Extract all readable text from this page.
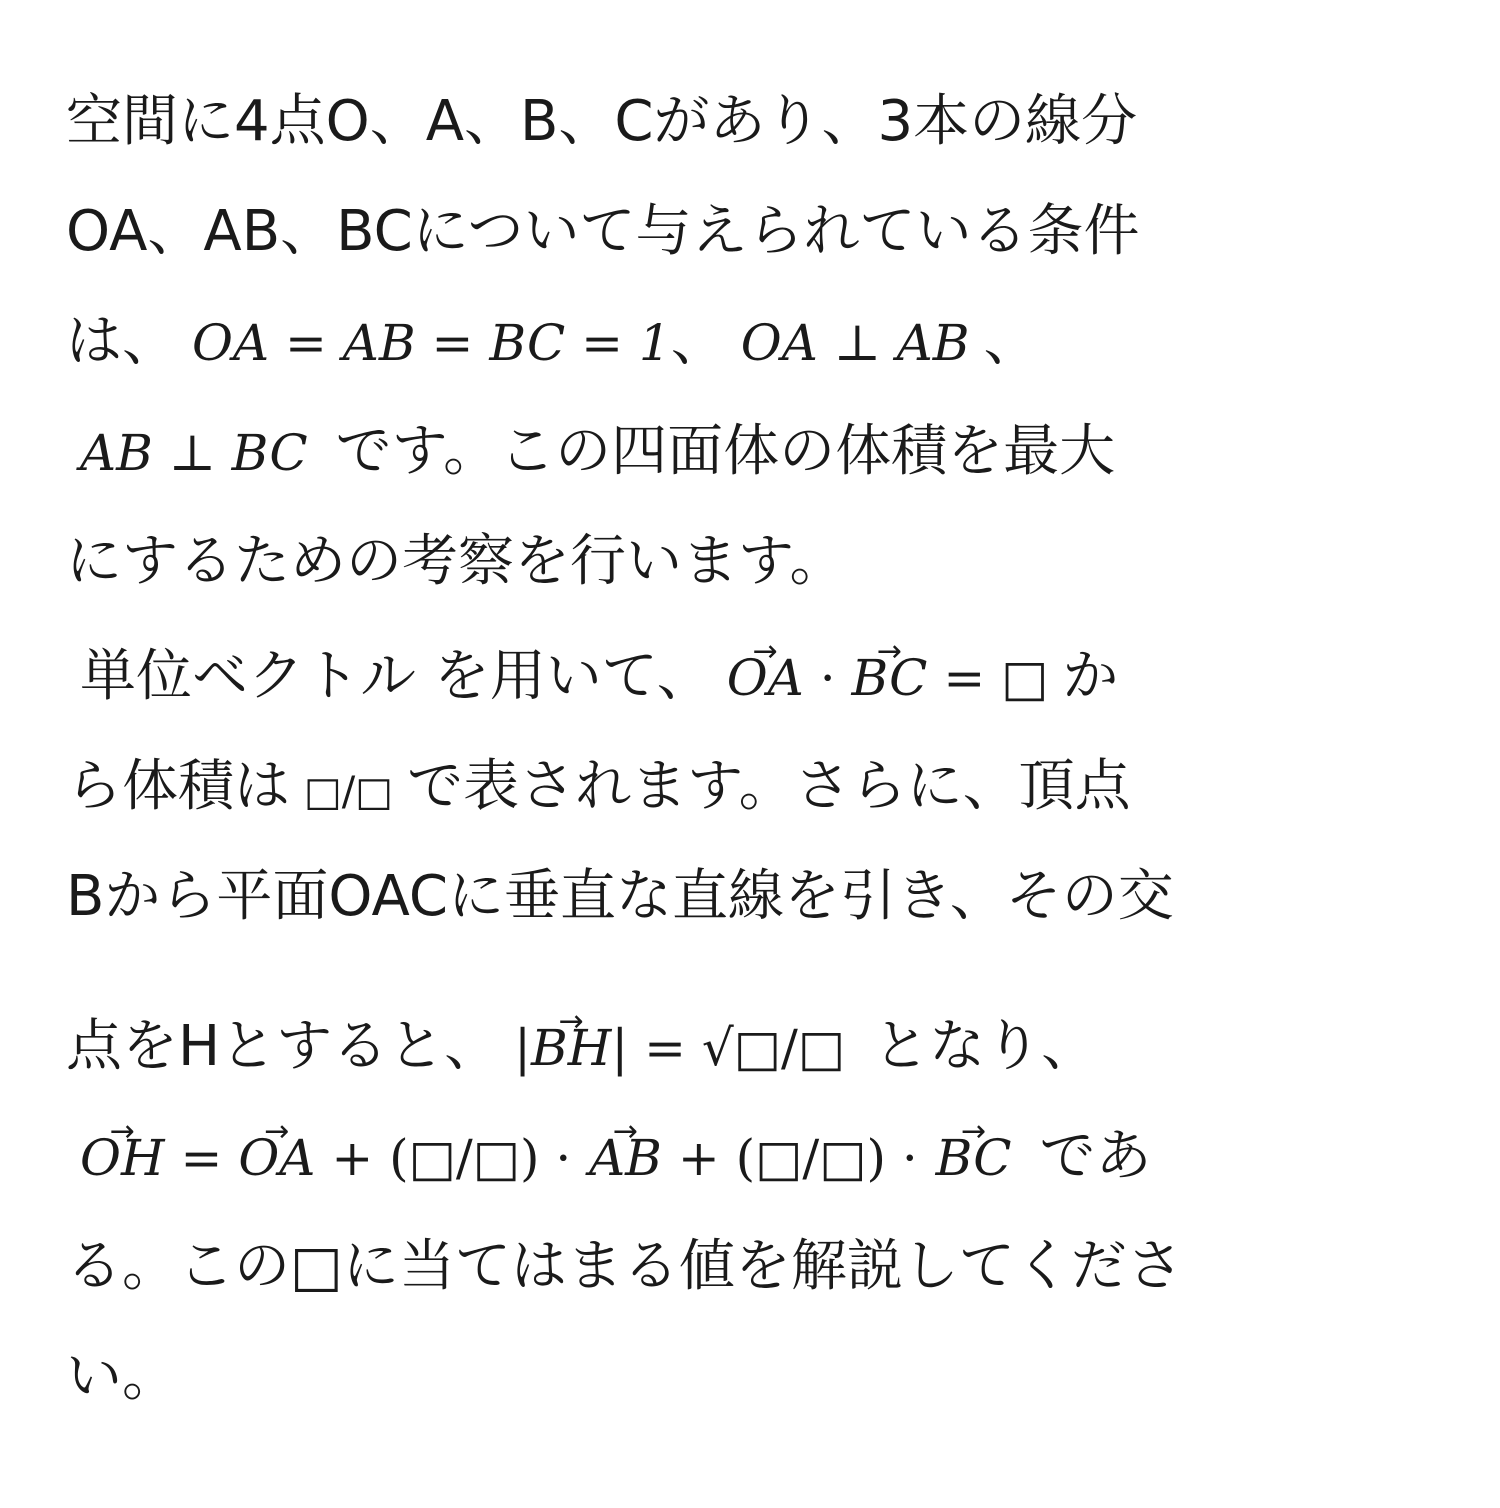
空間に4点O、A、B、Cがあり、3本の線分
OA、AB、BCについて与えられている条件
は、 OA = AB = BC = 1、 OA ⊥ AB 、
AB ⊥ BC です。この四面体の体積を最大
にするための考察を行います。
単位ベクトル を用いて、 → OA · → BC = □ か
ら体積は □/□ で表されます。さらに、頂点
Bから平面OACに垂直な直線を引き、その交
点をHとすると、 |→ BH| = √□/□ となり、
→ OH = → OA + (□/□) · → AB + (□/□) · → BC であ
る。この□に当てはまる値を解説してくださ
い。
